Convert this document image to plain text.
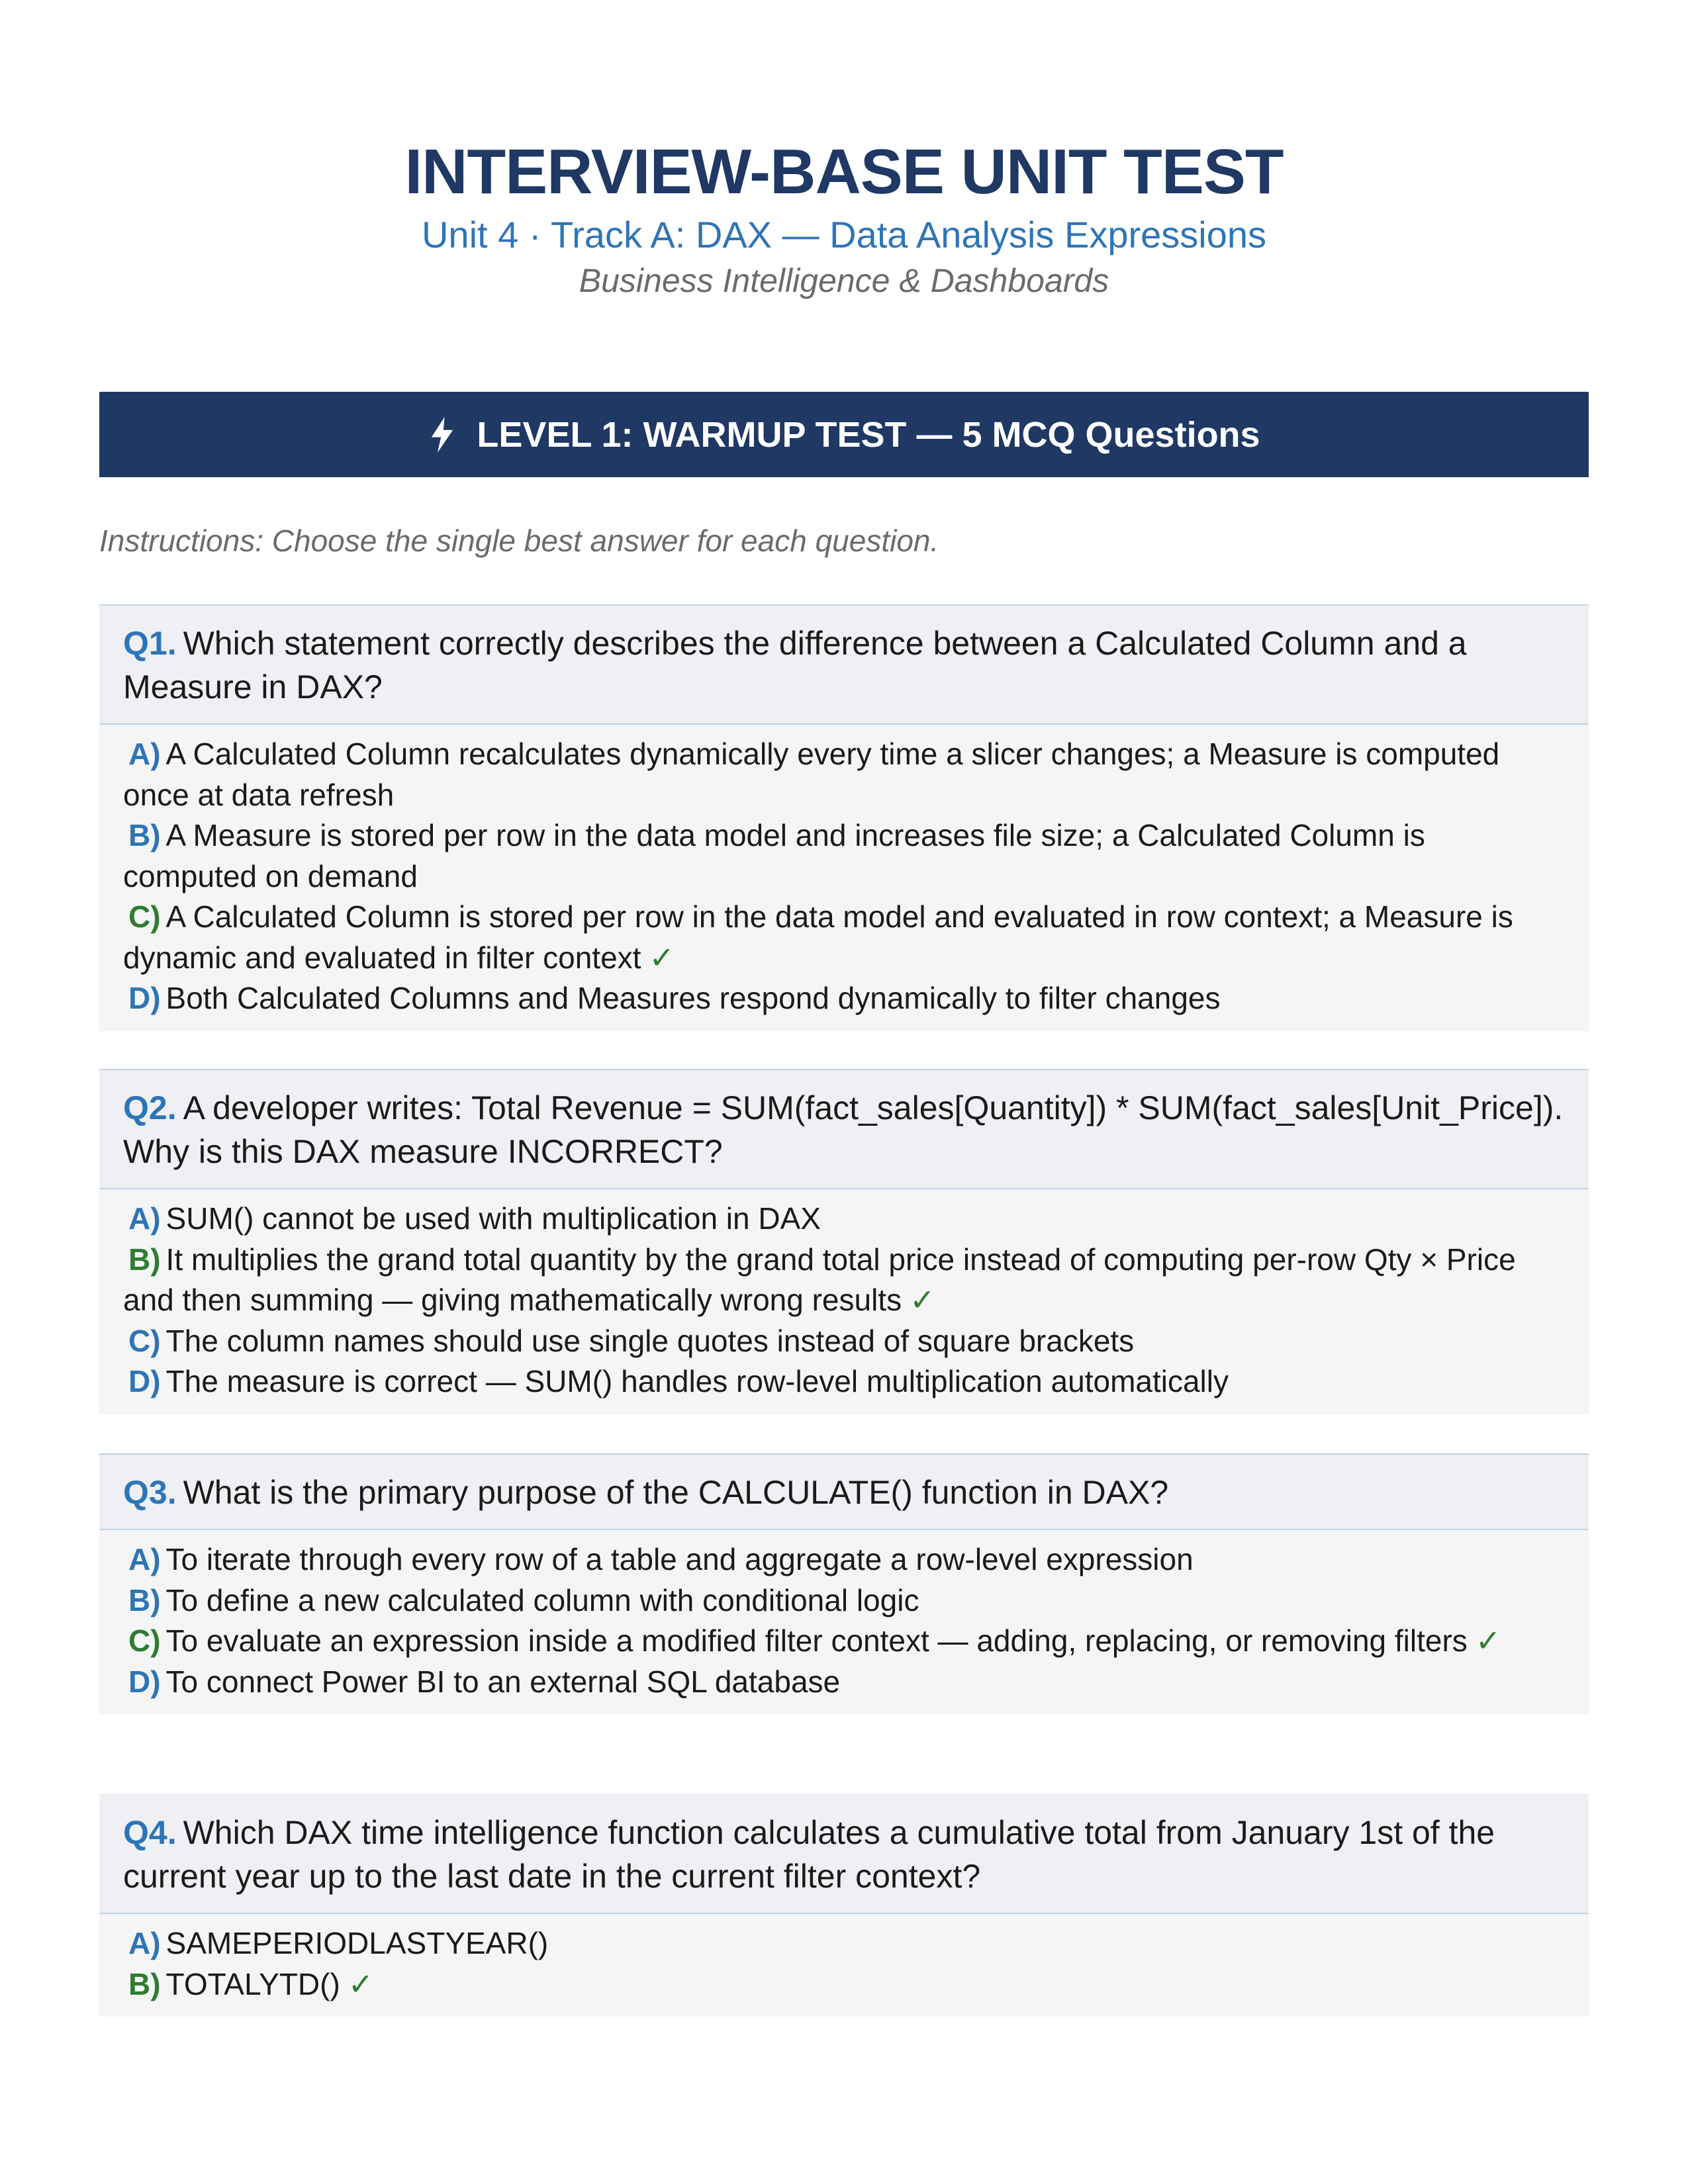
INTERVIEW-BASE UNIT TEST
Unit 4 · Track A: DAX — Data Analysis Expressions
Business Intelligence & Dashboards
LEVEL 1: WARMUP TEST — 5 MCQ Questions
Instructions: Choose the single best answer for each question.
Q1. Which statement correctly describes the difference between a Calculated Column and a Measure in DAX?
A) A Calculated Column recalculates dynamically every time a slicer changes; a Measure is computed once at data refresh
B) A Measure is stored per row in the data model and increases file size; a Calculated Column is computed on demand
C) A Calculated Column is stored per row in the data model and evaluated in row context; a Measure is dynamic and evaluated in filter context ✓
D) Both Calculated Columns and Measures respond dynamically to filter changes
Q2. A developer writes: Total Revenue = SUM(fact_sales[Quantity]) * SUM(fact_sales[Unit_Price]). Why is this DAX measure INCORRECT?
A) SUM() cannot be used with multiplication in DAX
B) It multiplies the grand total quantity by the grand total price instead of computing per-row Qty × Price and then summing — giving mathematically wrong results ✓
C) The column names should use single quotes instead of square brackets
D) The measure is correct — SUM() handles row-level multiplication automatically
Q3. What is the primary purpose of the CALCULATE() function in DAX?
A) To iterate through every row of a table and aggregate a row-level expression
B) To define a new calculated column with conditional logic
C) To evaluate an expression inside a modified filter context — adding, replacing, or removing filters ✓
D) To connect Power BI to an external SQL database
Q4. Which DAX time intelligence function calculates a cumulative total from January 1st of the current year up to the last date in the current filter context?
A) SAMEPERIODLASTYEAR()
B) TOTALYTD() ✓
